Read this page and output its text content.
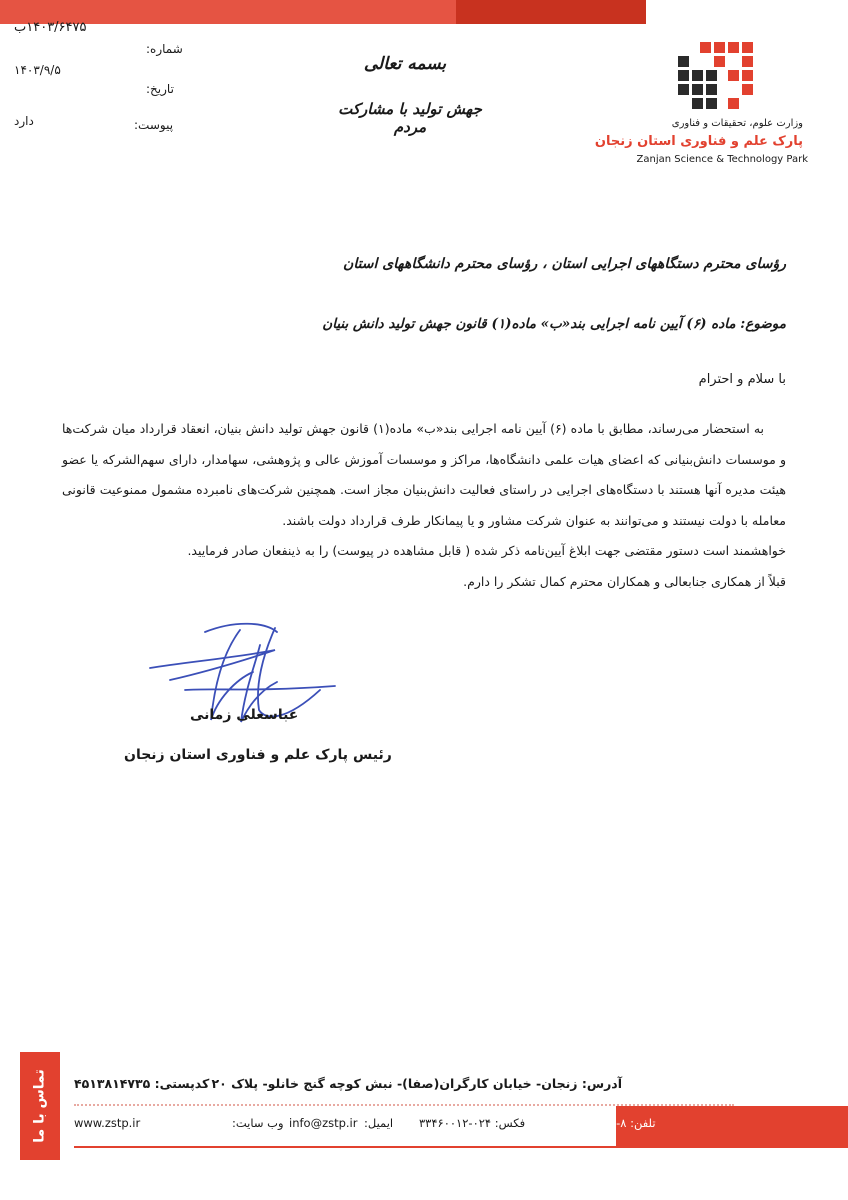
۱۴۰۳/۶۴۷۵ب
شماره:
۱۴۰۳/۹/۵
تاریخ:
دارد	پیوست:
بسمه تعالی
جهش تولید با مشارکت مردم	وزارت علوم، تحقیقات و فناوری
پارک علم و فناوری استان زنجان
Zanjan Science & Technology Park
رؤسای محترم دستگاههای اجرایی استان ، رؤسای محترم دانشگاههای استان
موضوع: ماده (۶) آیین نامه اجرایی بند«ب» ماده(۱) قانون جهش تولید دانش بنیان
با سلام و احترام

به استحضار می‌رساند، مطابق با ماده (۶) آیین نامه اجرایی بند«ب» ماده(۱) قانون جهش تولید دانش بنیان، انعقاد قرارداد میان شرکت‌ها و موسسات دانش‌بنیانی که اعضای هیات علمی دانشگاه‌ها، مراکز و موسسات آموزش عالی و پژوهشی، سهامدار، دارای سهم‌الشرکه یا عضو هیئت مدیره آنها هستند با دستگاه‌های اجرایی در راستای فعالیت دانش‌بنیان مجاز است. همچنین شرکت‌های نامبرده مشمول ممنوعیت قانونی معامله با دولت نیستند و می‌توانند به عنوان شرکت مشاور و یا پیمانکار طرف قرارداد دولت باشند.

خواهشمند است دستور مقتضی جهت ابلاغ آیین‌نامه ذکر شده ( قابل مشاهده در پیوست) را به ذینفعان صادر فرمایید.

قبلاً از همکاری جنابعالی و همکاران محترم کمال تشکر را دارم.

عباسعلی زمانی
رئیس پارک علم و فناوری استان زنجان
تماس با ما کدپستی: ۴۵۱۳۸۱۴۷۳۵ آدرس: زنجان- خیابان کارگران(صفا)- نبش کوچه گنج خانلو- پلاک ۲۰
www.zstp.ir	وب سایت: info@zstp.ir ایمیل: فکس: ۰۲۴-۳۳۴۶۰۰۱۲ تلفن: ۸-۰۲۴-۳۳۷۳۷۹۲۶
